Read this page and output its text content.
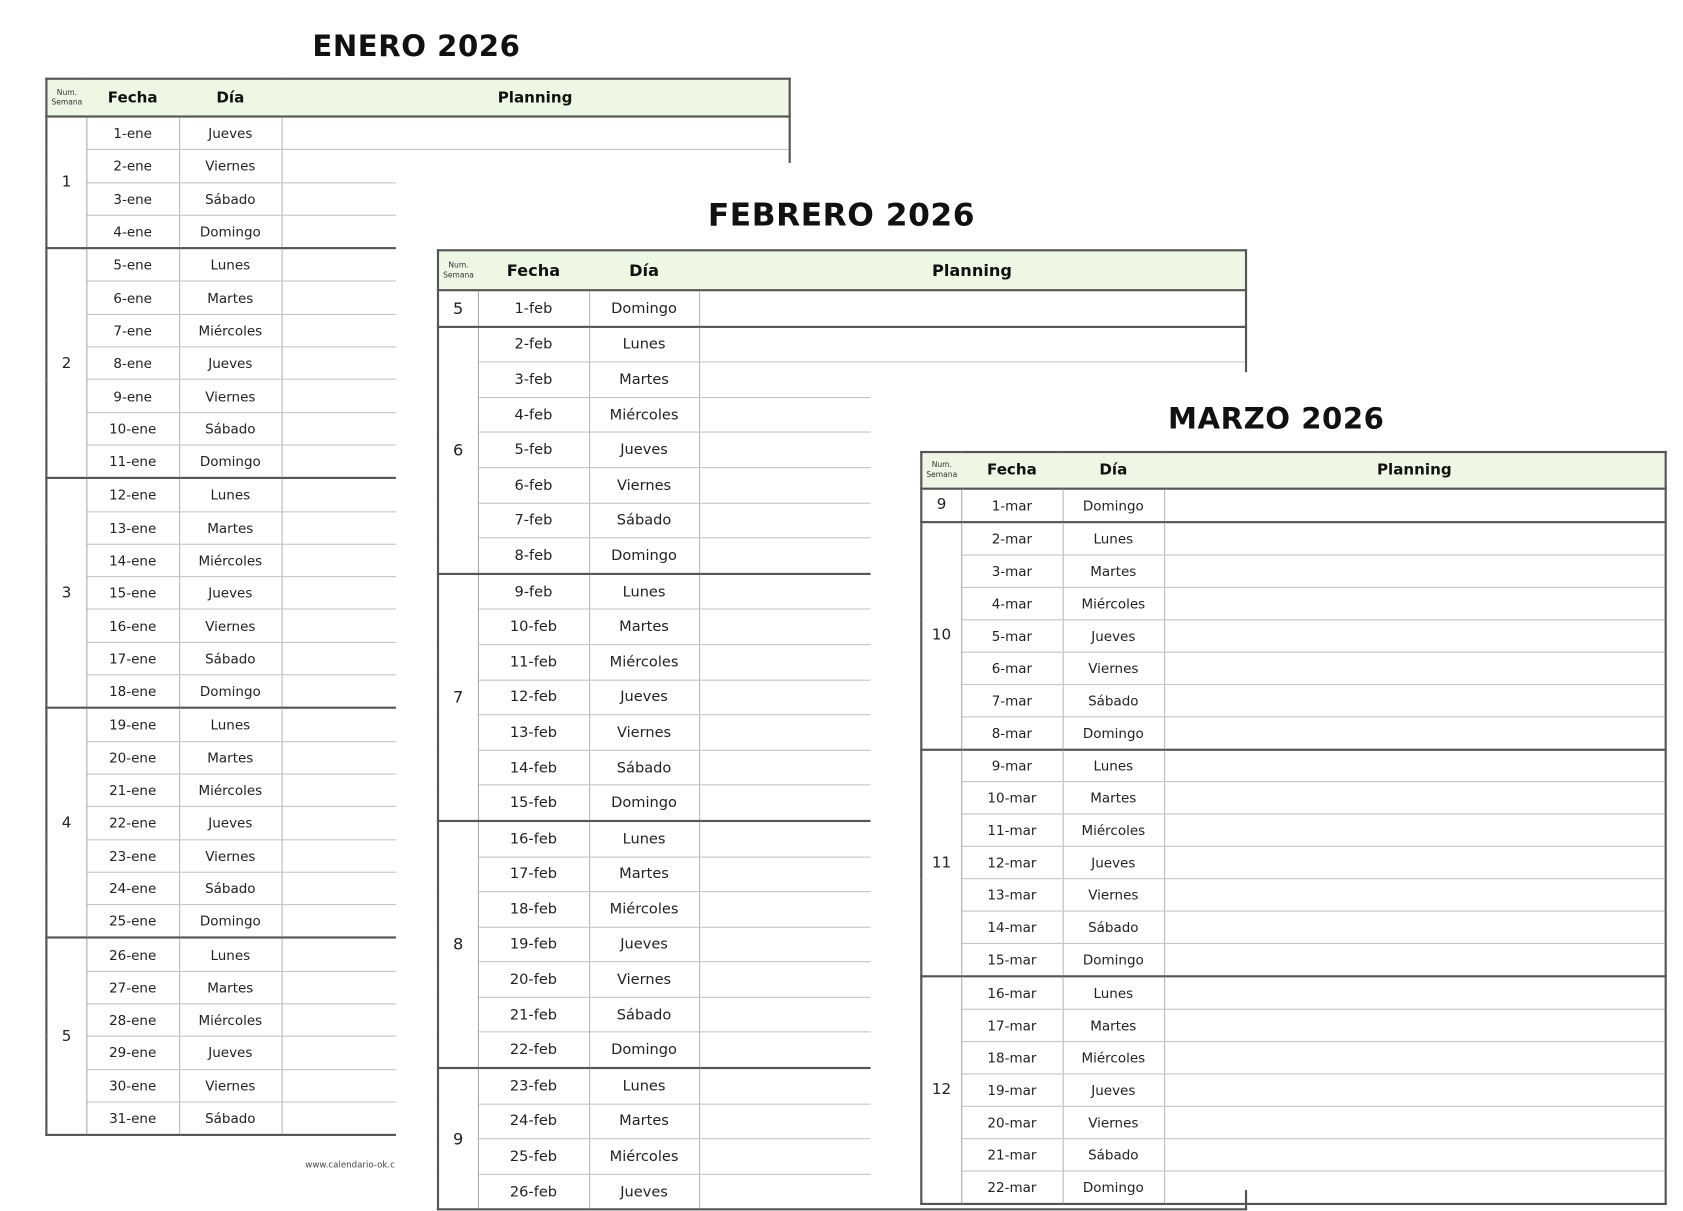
ENERO 2026
Num. Semana	Fecha	Día	Planning
1	1-ene	Jueves	
	2-ene	Viernes	
	3-ene	Sábado	
	4-ene	Domingo	
2	5-ene	Lunes	
	6-ene	Martes	
	7-ene	Miércoles	
	8-ene	Jueves	
	9-ene	Viernes	
	10-ene	Sábado	
	11-ene	Domingo	
3	12-ene	Lunes	
	13-ene	Martes	
	14-ene	Miércoles	
	15-ene	Jueves	
	16-ene	Viernes	
	17-ene	Sábado	
	18-ene	Domingo	
4	19-ene	Lunes	
	20-ene	Martes	
	21-ene	Miércoles	
	22-ene	Jueves	
	23-ene	Viernes	
	24-ene	Sábado	
	25-ene	Domingo	
5	26-ene	Lunes	
	27-ene	Martes	
	28-ene	Miércoles	
	29-ene	Jueves	
	30-ene	Viernes	
	31-ene	Sábado	
www.calendario-ok.c
FEBRERO 2026
Num. Semana	Fecha	Día	Planning
5	1-feb	Domingo	
6	2-feb	Lunes	
	3-feb	Martes	
	4-feb	Miércoles	
	5-feb	Jueves	
	6-feb	Viernes	
	7-feb	Sábado	
	8-feb	Domingo	
7	9-feb	Lunes	
	10-feb	Martes	
	11-feb	Miércoles	
	12-feb	Jueves	
	13-feb	Viernes	
	14-feb	Sábado	
	15-feb	Domingo	
8	16-feb	Lunes	
	17-feb	Martes	
	18-feb	Miércoles	
	19-feb	Jueves	
	20-feb	Viernes	
	21-feb	Sábado	
	22-feb	Domingo	
9	23-feb	Lunes	
	24-feb	Martes	
	25-feb	Miércoles	
	26-feb	Jueves	
MARZO 2026
Num. Semana	Fecha	Día	Planning
9	1-mar	Domingo	
10	2-mar	Lunes	
	3-mar	Martes	
	4-mar	Miércoles	
	5-mar	Jueves	
	6-mar	Viernes	
	7-mar	Sábado	
	8-mar	Domingo	
11	9-mar	Lunes	
	10-mar	Martes	
	11-mar	Miércoles	
	12-mar	Jueves	
	13-mar	Viernes	
	14-mar	Sábado	
	15-mar	Domingo	
12	16-mar	Lunes	
	17-mar	Martes	
	18-mar	Miércoles	
	19-mar	Jueves	
	20-mar	Viernes	
	21-mar	Sábado	
	22-mar	Domingo	
